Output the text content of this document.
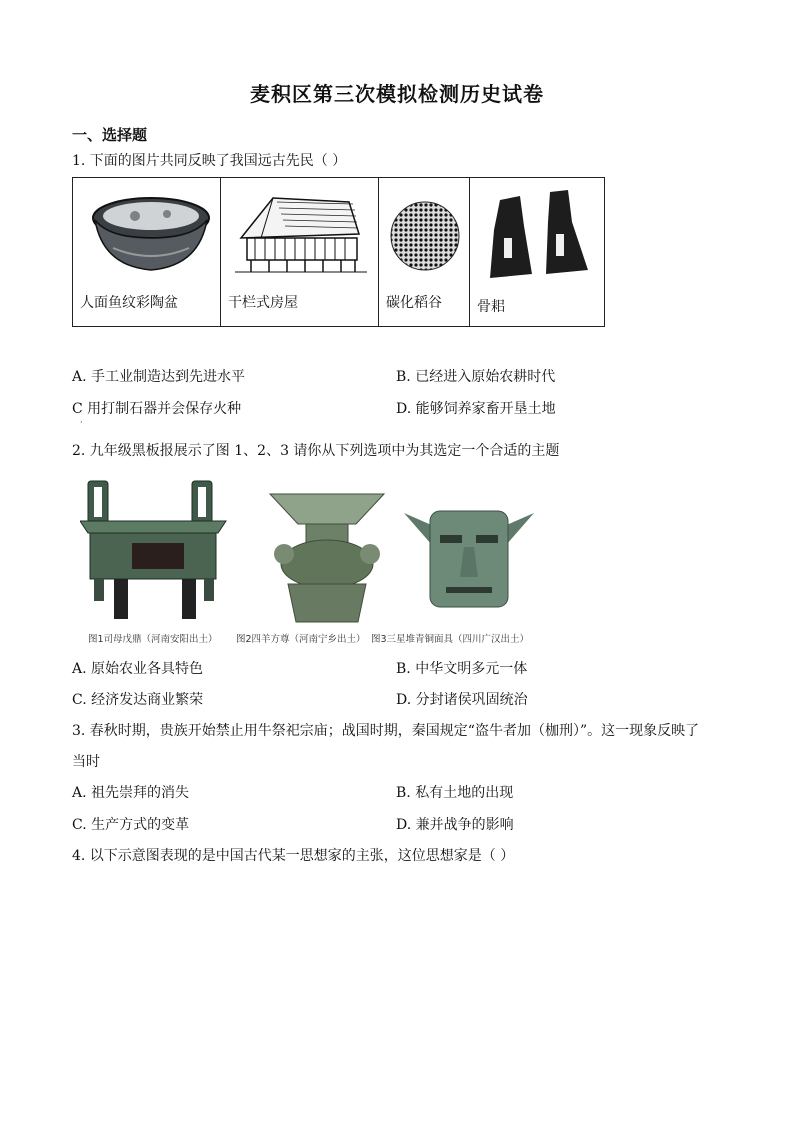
麦积区第三次模拟检测历史试卷
一、选择题
1. 下面的图片共同反映了我国远古先民（ ）
人面鱼纹彩陶盆	干栏式房屋	碳化稻谷	骨耜
A. 手工业制造达到先进水平	B. 已经进入原始农耕时代
C 用打制石器并会保存火种	D. 能够饲养家畜开垦土地
·
2. 九年级黑板报展示了图 1、2、3 请你从下列选项中为其选定一个合适的主题
图1司母戊鼎（河南安阳出土） 图2四羊方尊（河南宁乡出土） 图3三星堆青铜面具（四川广汉出土）
A. 原始农业各具特色	B. 中华文明多元一体
C. 经济发达商业繁荣	D. 分封诸侯巩固统治
3. 春秋时期，贵族开始禁止用牛祭祀宗庙；战国时期，秦国规定“盗牛者加（枷刑）”。这一现象反映了
当时
A. 祖先崇拜的消失	B. 私有土地的出现
C. 生产方式的变革	D. 兼并战争的影响
4. 以下示意图表现的是中国古代某一思想家的主张，这位思想家是（ ）
